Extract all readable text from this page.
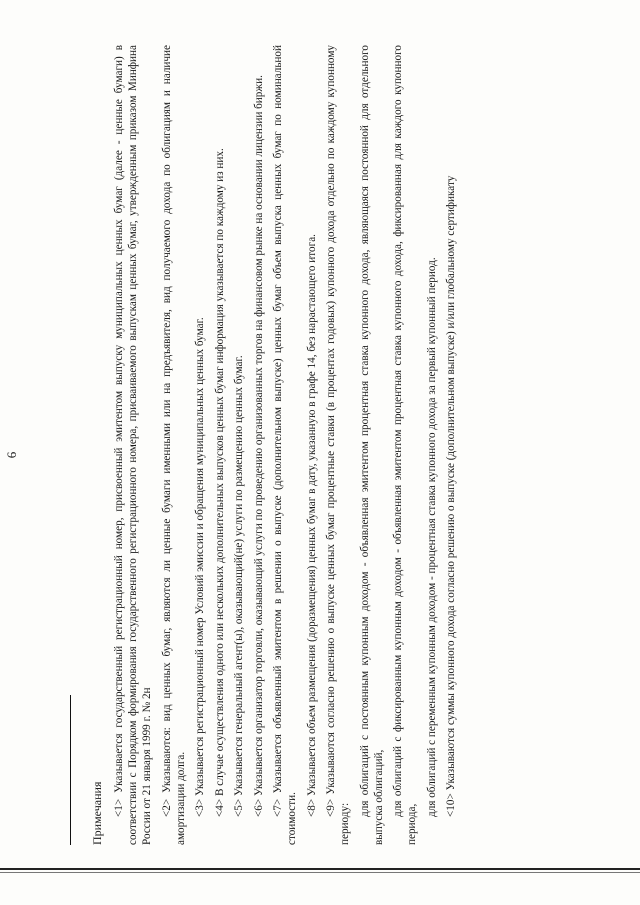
6
Примечания <1> Указывается государственный регистрационный номер, присвоенный эмитентом выпуску муниципальных ценных бумаг (далее - ценные бумаги) в соответствии с Порядком формирования государственного регистрационного номера, присваиваемого выпускам ценных бумаг, утвержденным приказом Минфина России от 21 января 1999 г. № 2н <2> Указываются: вид ценных бумаг, являются ли ценные бумаги именными или на предъявителя, вид получаемого дохода по облигациям и наличие амортизации долга. <3> Указывается регистрационный номер Условий эмиссии и обращения муниципальных ценных бумаг. <4> В случае осуществления одного или нескольких дополнительных выпусков ценных бумаг информация указывается по каждому из них. <5> Указывается генеральный агент(ы), оказывающий(не) услуги по размещению ценных бумаг. <6> Указывается организатор торговли, оказывающий услуги по проведению организованных торгов на финансовом рынке на основании лицензии биржи. <7> Указывается объявленный эмитентом в решении о выпуске (дополнительном выпуске) ценных бумаг объем выпуска ценных бумаг по номинальной стоимости.

<8> Указывается объем размещения (доразмещения) ценных бумаг в дату, указанную в графе 14, без нарастающего итога. <9> Указываются согласно решению о выпуске ценных бумаг процентные ставки (в процентах годовых) купонного дохода отдельно по каждому купонному периоду:

для облигаций с постоянным купонным доходом - объявленная эмитентом процентная ставка купонного дохода, являющаяся постоянной для отдельного выпуска облигаций, для облигаций с фиксированным купонным доходом - объявленная эмитентом процентная ставка купонного дохода, фиксированная для каждого купонного периода,

для облигаций с переменным купонным доходом - процентная ставка купонного дохода за первый купонный период. <10> Указываются суммы купонного дохода согласно решению о выпуске (дополнительном выпуске) и/или глобальному сертификату
